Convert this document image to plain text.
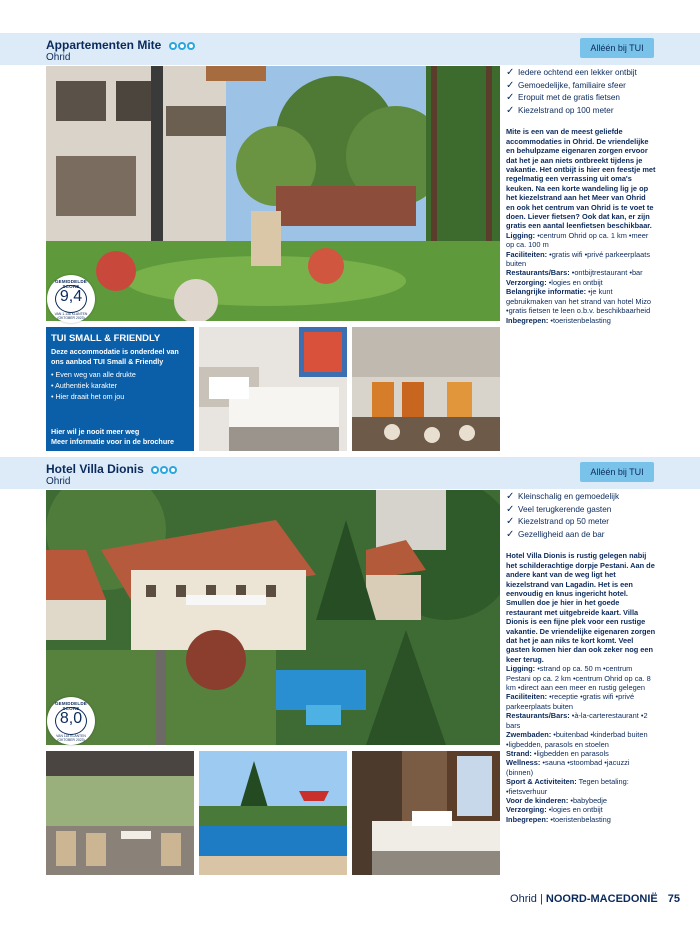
Appartementen Mite
Ohrid
Alléén bij TUI
GEMIDDELDE SCORE
9,4
VAN 1.138 KLANTEN (OKTOBER 2023)
TUI SMALL & FRIENDLY
Deze accommodatie is onderdeel van ons aanbod TUI Small & Friendly
• Even weg van alle drukte
• Authentiek karakter
• Hier draait het om jou
Hier wil je nooit meer weg
Meer informatie voor in de brochure
✓ Iedere ochtend een lekker ontbijt
✓ Gemoedelijke, familiaire sfeer
✓ Eropuit met de gratis fietsen
✓ Kiezelstrand op 100 meter

Mite is een van de meest geliefde accommodaties in Ohrid. De vriendelijke en behulpzame eigenaren zorgen ervoor dat het je aan niets ontbreekt tijdens je vakantie. Het ontbijt is hier een feestje met regelmatig een verrassing uit oma's keuken. Na een korte wandeling lig je op het kiezelstrand aan het Meer van Ohrid en ook het centrum van Ohrid is te voet te doen. Liever fietsen? Ook dat kan, er zijn gratis een aantal leenfietsen beschikbaar.

Ligging: •centrum Ohrid op ca. 1 km •meer op ca. 100 m

Faciliteiten: •gratis wifi •privé parkeerplaats buiten

Restaurants/Bars: •ontbijtrestaurant •bar

Verzorging: •logies en ontbijt

Belangrijke informatie: •je kunt gebruikmaken van het strand van hotel Mizo •gratis fietsen te leen o.b.v. beschikbaarheid

Inbegrepen: •toeristenbelasting

Hotel Villa Dionis
Ohrid
Alléén bij TUI
GEMIDDELDE SCORE
8,0
VAN 118 KLANTEN (OKTOBER 2023)
✓ Kleinschalig en gemoedelijk
✓ Veel terugkerende gasten
✓ Kiezelstrand op 50 meter
✓ Gezelligheid aan de bar

Hotel Villa Dionis is rustig gelegen nabij het schilderachtige dorpje Pestani. Aan de andere kant van de weg ligt het kiezelstrand van Lagadin. Het is een eenvoudig en knus ingericht hotel. Smullen doe je hier in het goede restaurant met uitgebreide kaart. Villa Dionis is een fijne plek voor een rustige vakantie. De vriendelijke eigenaren zorgen dat het je aan niks te kort komt. Veel gasten komen hier dan ook zeker nog een keer terug.

Ligging: •strand op ca. 50 m •centrum Pestani op ca. 2 km •centrum Ohrid op ca. 8 km •direct aan een meer en rustig gelegen

Faciliteiten: •receptie •gratis wifi •privé parkeerplaats buiten

Restaurants/Bars: •à-la-carterestaurant •2 bars

Zwembaden: •buitenbad •kinderbad buiten •ligbedden, parasols en stoelen

Strand: •ligbedden en parasols

Wellness: •sauna •stoombad •jacuzzi (binnen)

Sport & Activiteiten: Tegen betaling: •fietsverhuur

Voor de kinderen: •babybedje

Verzorging: •logies en ontbijt

Inbegrepen: •toeristenbelasting

Ohrid | NOORD-MACEDONIË 75
